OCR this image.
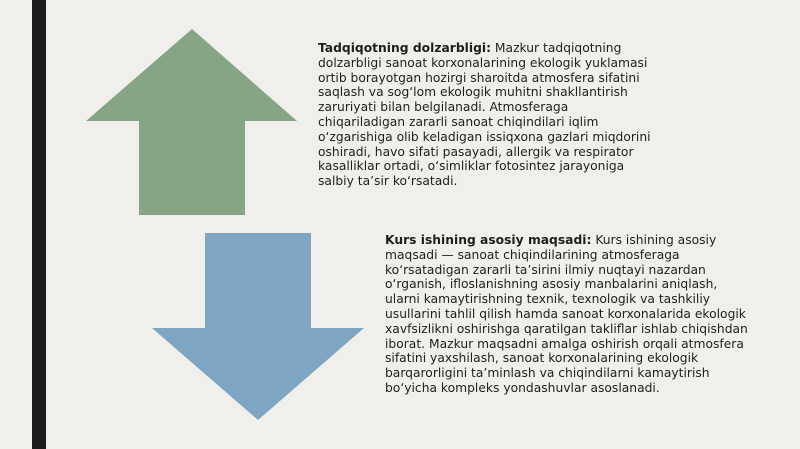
Tadqiqotning dolzarbligi: Mazkur tadqiqotning dolzarbligi sanoat korxonalarining ekologik yuklamasi ortib borayotgan hozirgi sharoitda atmosfera sifatini saqlash va sog‘lom ekologik muhitni shakllantirish zaruriyati bilan belgilanadi. Atmosferaga chiqariladigan zararli sanoat chiqindilari iqlim o‘zgarishiga olib keladigan issiqxona gazlari miqdorini oshiradi, havo sifati pasayadi, allergik va respirator kasalliklar ortadi, o‘simliklar fotosintez jarayoniga salbiy ta’sir ko‘rsatadi.
Kurs ishining asosiy maqsadi: Kurs ishining asosiy maqsadi — sanoat chiqindilarining atmosferaga ko‘rsatadigan zararli ta’sirini ilmiy nuqtayi nazardan o‘rganish, ifloslanishning asosiy manbalarini aniqlash, ularni kamaytirishning texnik, texnologik va tashkiliy usullarini tahlil qilish hamda sanoat korxonalarida ekologik xavfsizlikni oshirishga qaratilgan takliflar ishlab chiqishdan iborat. Mazkur maqsadni amalga oshirish orqali atmosfera sifatini yaxshilash, sanoat korxonalarining ekologik barqarorligini ta’minlash va chiqindilarni kamaytirish bo‘yicha kompleks yondashuvlar asoslanadi.
